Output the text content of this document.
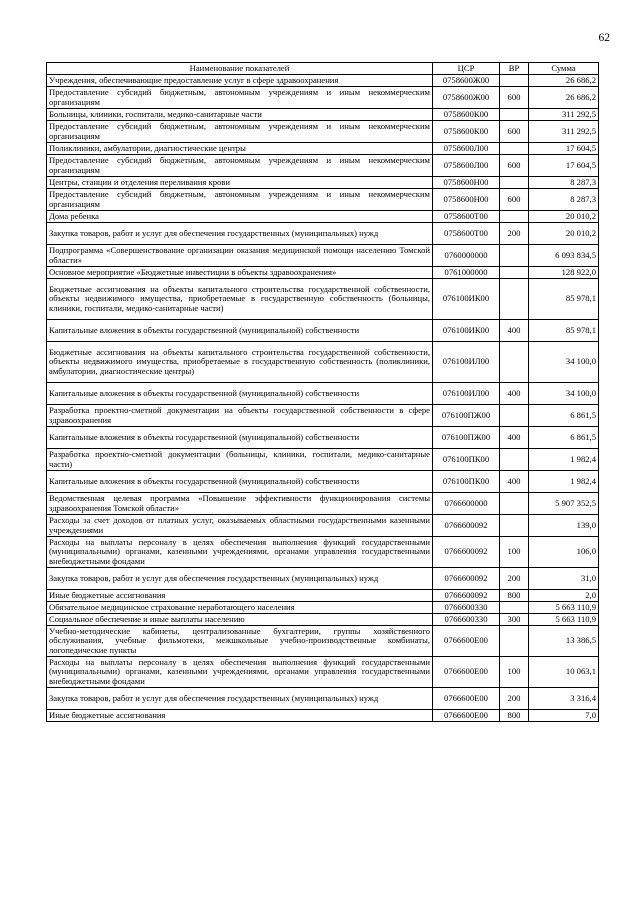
62
Наименование показателей	ЦСР	ВР	Сумма
Учреждения, обеспечивающие предоставление услуг в сфере здравоохранения	0758600Ж00		26 686,2
Предоставление субсидий бюджетным, автономным учреждениям и иным некоммерческим организациям	0758600Ж00	600	26 686,2
Больницы, клиники, госпитали, медико-санитарные части	0758600К00		311 292,5
Предоставление субсидий бюджетным, автономным учреждениям и иным некоммерческим организациям	0758600К00	600	311 292,5
Поликлиники, амбулатории, диагностические центры	0758600Л00		17 604,5
Предоставление субсидий бюджетным, автономным учреждениям и иным некоммерческим организациям	0758600Л00	600	17 604,5
Центры, станции и отделения переливания крови	0758600Н00		8 287,3
Предоставление субсидий бюджетным, автономным учреждениям и иным некоммерческим организациям	0758600Н00	600	8 287,3
Дома ребенка	0758600Т00		20 010,2
Закупка товаров, работ и услуг для обеспечения государственных (муниципальных) нужд	0758600Т00	200	20 010,2
Подпрограмма «Совершенствование организации оказания медицинской помощи населению Томской области»	0760000000		6 093 834,5
Основное мероприятие «Бюджетные инвестиции в объекты здравоохранения»	0761000000		128 922,0
Бюджетные ассигнования на объекты капитального строительства государственной собственности, объекты недвижимого имущества, приобретаемые в государственную собственность (больницы, клиники, госпитали, медико-санитарные части)	076100ИК00		85 978,1
Капитальные вложения в объекты государственной (муниципальной) собственности	076100ИК00	400	85 978,1
Бюджетные ассигнования на объекты капитального строительства государственной собственности, объекты недвижимого имущества, приобретаемые в государственную собственность (поликлиники, амбулатории, диагностические центры)	076100ИЛ00		34 100,0
Капитальные вложения в объекты государственной (муниципальной) собственности	076100ИЛ00	400	34 100,0
Разработка проектно-сметной документации на объекты государственной собственности в сфере здравоохранения	076100ПЖ00		6 861,5
Капитальные вложения в объекты государственной (муниципальной) собственности	076100ПЖ00	400	6 861,5
Разработка проектно-сметной документации (больницы, клиники, госпитали, медико-санитарные части)	076100ПК00		1 982,4
Капитальные вложения в объекты государственной (муниципальной) собственности	076100ПК00	400	1 982,4
Ведомственная целевая программа «Повышение эффективности функционирования системы здравоохранения Томской области»	0766600000		5 907 352,5
Расходы за счет доходов от платных услуг, оказываемых областными государственными казенными учреждениями	0766600092		139,0
Расходы на выплаты персоналу в целях обеспечения выполнения функций государственными (муниципальными) органами, казенными учреждениями, органами управления государственными внебюджетными фондами	0766600092	100	106,0
Закупка товаров, работ и услуг для обеспечения государственных (муниципальных) нужд	0766600092	200	31,0
Иные бюджетные ассигнования	0766600092	800	2,0
Обязательное медицинское страхование неработающего населения	0766600330		5 663 110,9
Социальное обеспечение и иные выплаты населению	0766600330	300	5 663 110,9
Учебно-методические кабинеты, централизованные бухгалтерии, группы хозяйственного обслуживания, учебные фильмотеки, межшкольные учебно-производственные комбинаты, логопедические пункты	0766600Е00		13 386,5
Расходы на выплаты персоналу в целях обеспечения выполнения функций государственными (муниципальными) органами, казенными учреждениями, органами управления государственными внебюджетными фондами	0766600Е00	100	10 063,1
Закупка товаров, работ и услуг для обеспечения государственных (муниципальных) нужд	0766600Е00	200	3 316,4
Иные бюджетные ассигнования	0766600Е00	800	7,0
